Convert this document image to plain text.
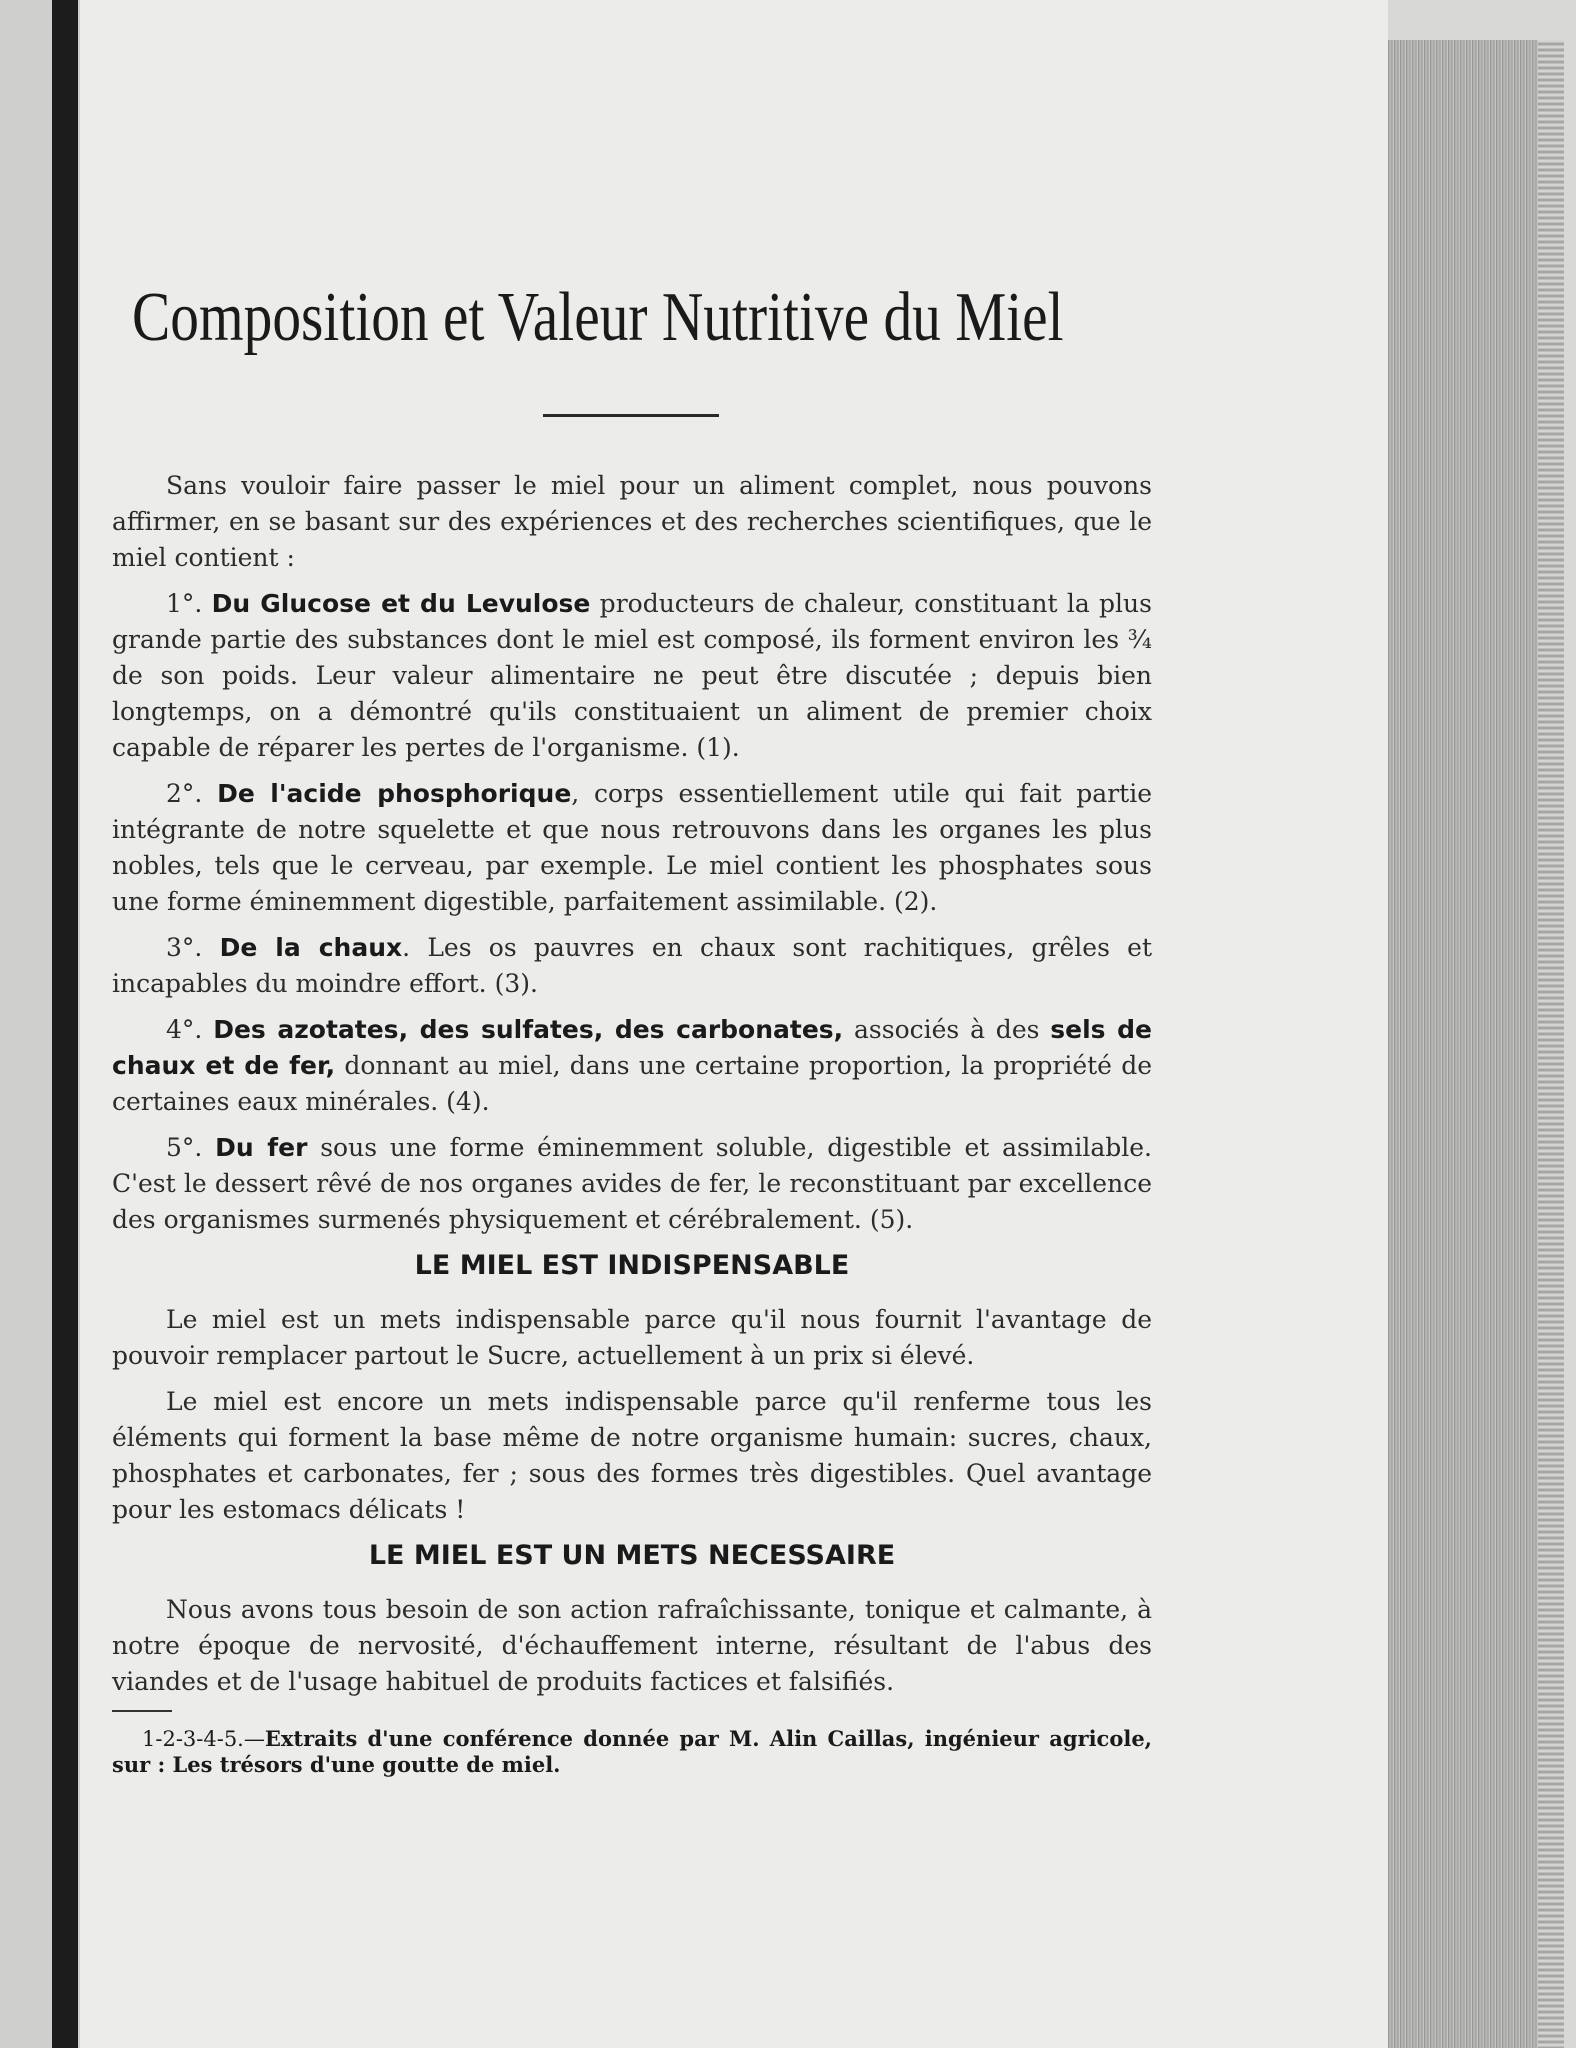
Composition et Valeur Nutritive du Miel

Sans vouloir faire passer le miel pour un aliment complet, nous pouvons affirmer, en se basant sur des expériences et des recherches scientifiques, que le miel contient :

1°. Du Glucose et du Levulose producteurs de chaleur, constituant la plus grande partie des substances dont le miel est composé, ils forment environ les ¾ de son poids. Leur valeur alimentaire ne peut être discutée ; depuis bien longtemps, on a démontré qu'ils constituaient un aliment de premier choix capable de réparer les pertes de l'organisme. (1).

2°. De l'acide phosphorique, corps essentiellement utile qui fait partie intégrante de notre squelette et que nous retrouvons dans les organes les plus nobles, tels que le cerveau, par exemple. Le miel contient les phosphates sous une forme éminemment digestible, parfaitement assimilable. (2).

3°. De la chaux. Les os pauvres en chaux sont rachitiques, grêles et incapables du moindre effort. (3).

4°. Des azotates, des sulfates, des carbonates, associés à des sels de chaux et de fer, donnant au miel, dans une certaine proportion, la propriété de certaines eaux minérales. (4).

5°. Du fer sous une forme éminemment soluble, digestible et assimilable. C'est le dessert rêvé de nos organes avides de fer, le reconstituant par excellence des organismes surmenés physiquement et cérébralement. (5).

LE MIEL EST INDISPENSABLE

Le miel est un mets indispensable parce qu'il nous fournit l'avantage de pouvoir remplacer partout le Sucre, actuellement à un prix si élevé.

Le miel est encore un mets indispensable parce qu'il renferme tous les éléments qui forment la base même de notre organisme humain: sucres, chaux, phosphates et carbonates, fer ; sous des formes très digestibles. Quel avantage pour les estomacs délicats !

LE MIEL EST UN METS NECESSAIRE

Nous avons tous besoin de son action rafraîchissante, tonique et calmante, à notre époque de nervosité, d'échauffement interne, résultant de l'abus des viandes et de l'usage habituel de produits factices et falsifiés.

1-2-3-4-5.—Extraits d'une conférence donnée par M. Alin Caillas, ingénieur agricole, sur : Les trésors d'une goutte de miel.
